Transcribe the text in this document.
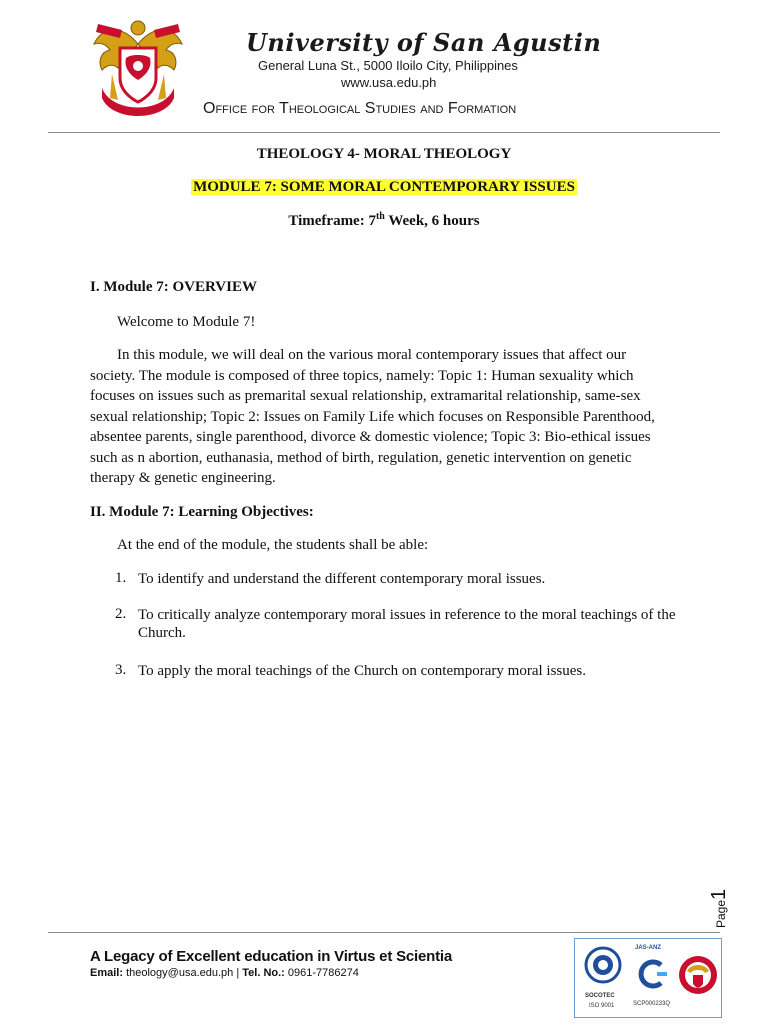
University of San Agustin
General Luna St., 5000 Iloilo City, Philippines
www.usa.edu.ph
Office for Theological Studies and Formation
THEOLOGY 4- MORAL THEOLOGY
MODULE 7: SOME MORAL CONTEMPORARY ISSUES
Timeframe: 7th Week, 6 hours
I. Module 7: OVERVIEW
Welcome to Module 7!
In this module, we will deal on the various moral contemporary issues that affect our
society. The module is composed of three topics, namely: Topic 1: Human sexuality which
focuses on issues such as premarital sexual relationship, extramarital relationship, same-sex
sexual relationship; Topic 2: Issues on Family Life which focuses on Responsible Parenthood,
absentee parents, single parenthood, divorce & domestic violence; Topic 3: Bio-ethical issues
such as n abortion, euthanasia, method of birth, regulation, genetic intervention on genetic
therapy & genetic engineering.
II. Module 7: Learning Objectives:
At the end of the module, the students shall be able:
1. To identify and understand the different contemporary moral issues.
2. To critically analyze contemporary moral issues in reference to the moral teachings of the Church.
3. To apply the moral teachings of the Church on contemporary moral issues.
Page1
A Legacy of Excellent education in Virtus et Scientia
Email: theology@usa.edu.ph | Tel. No.: 0961-7786274
SOCOTEC
ISO 9001
JAS-ANZ
SCP000233Q
